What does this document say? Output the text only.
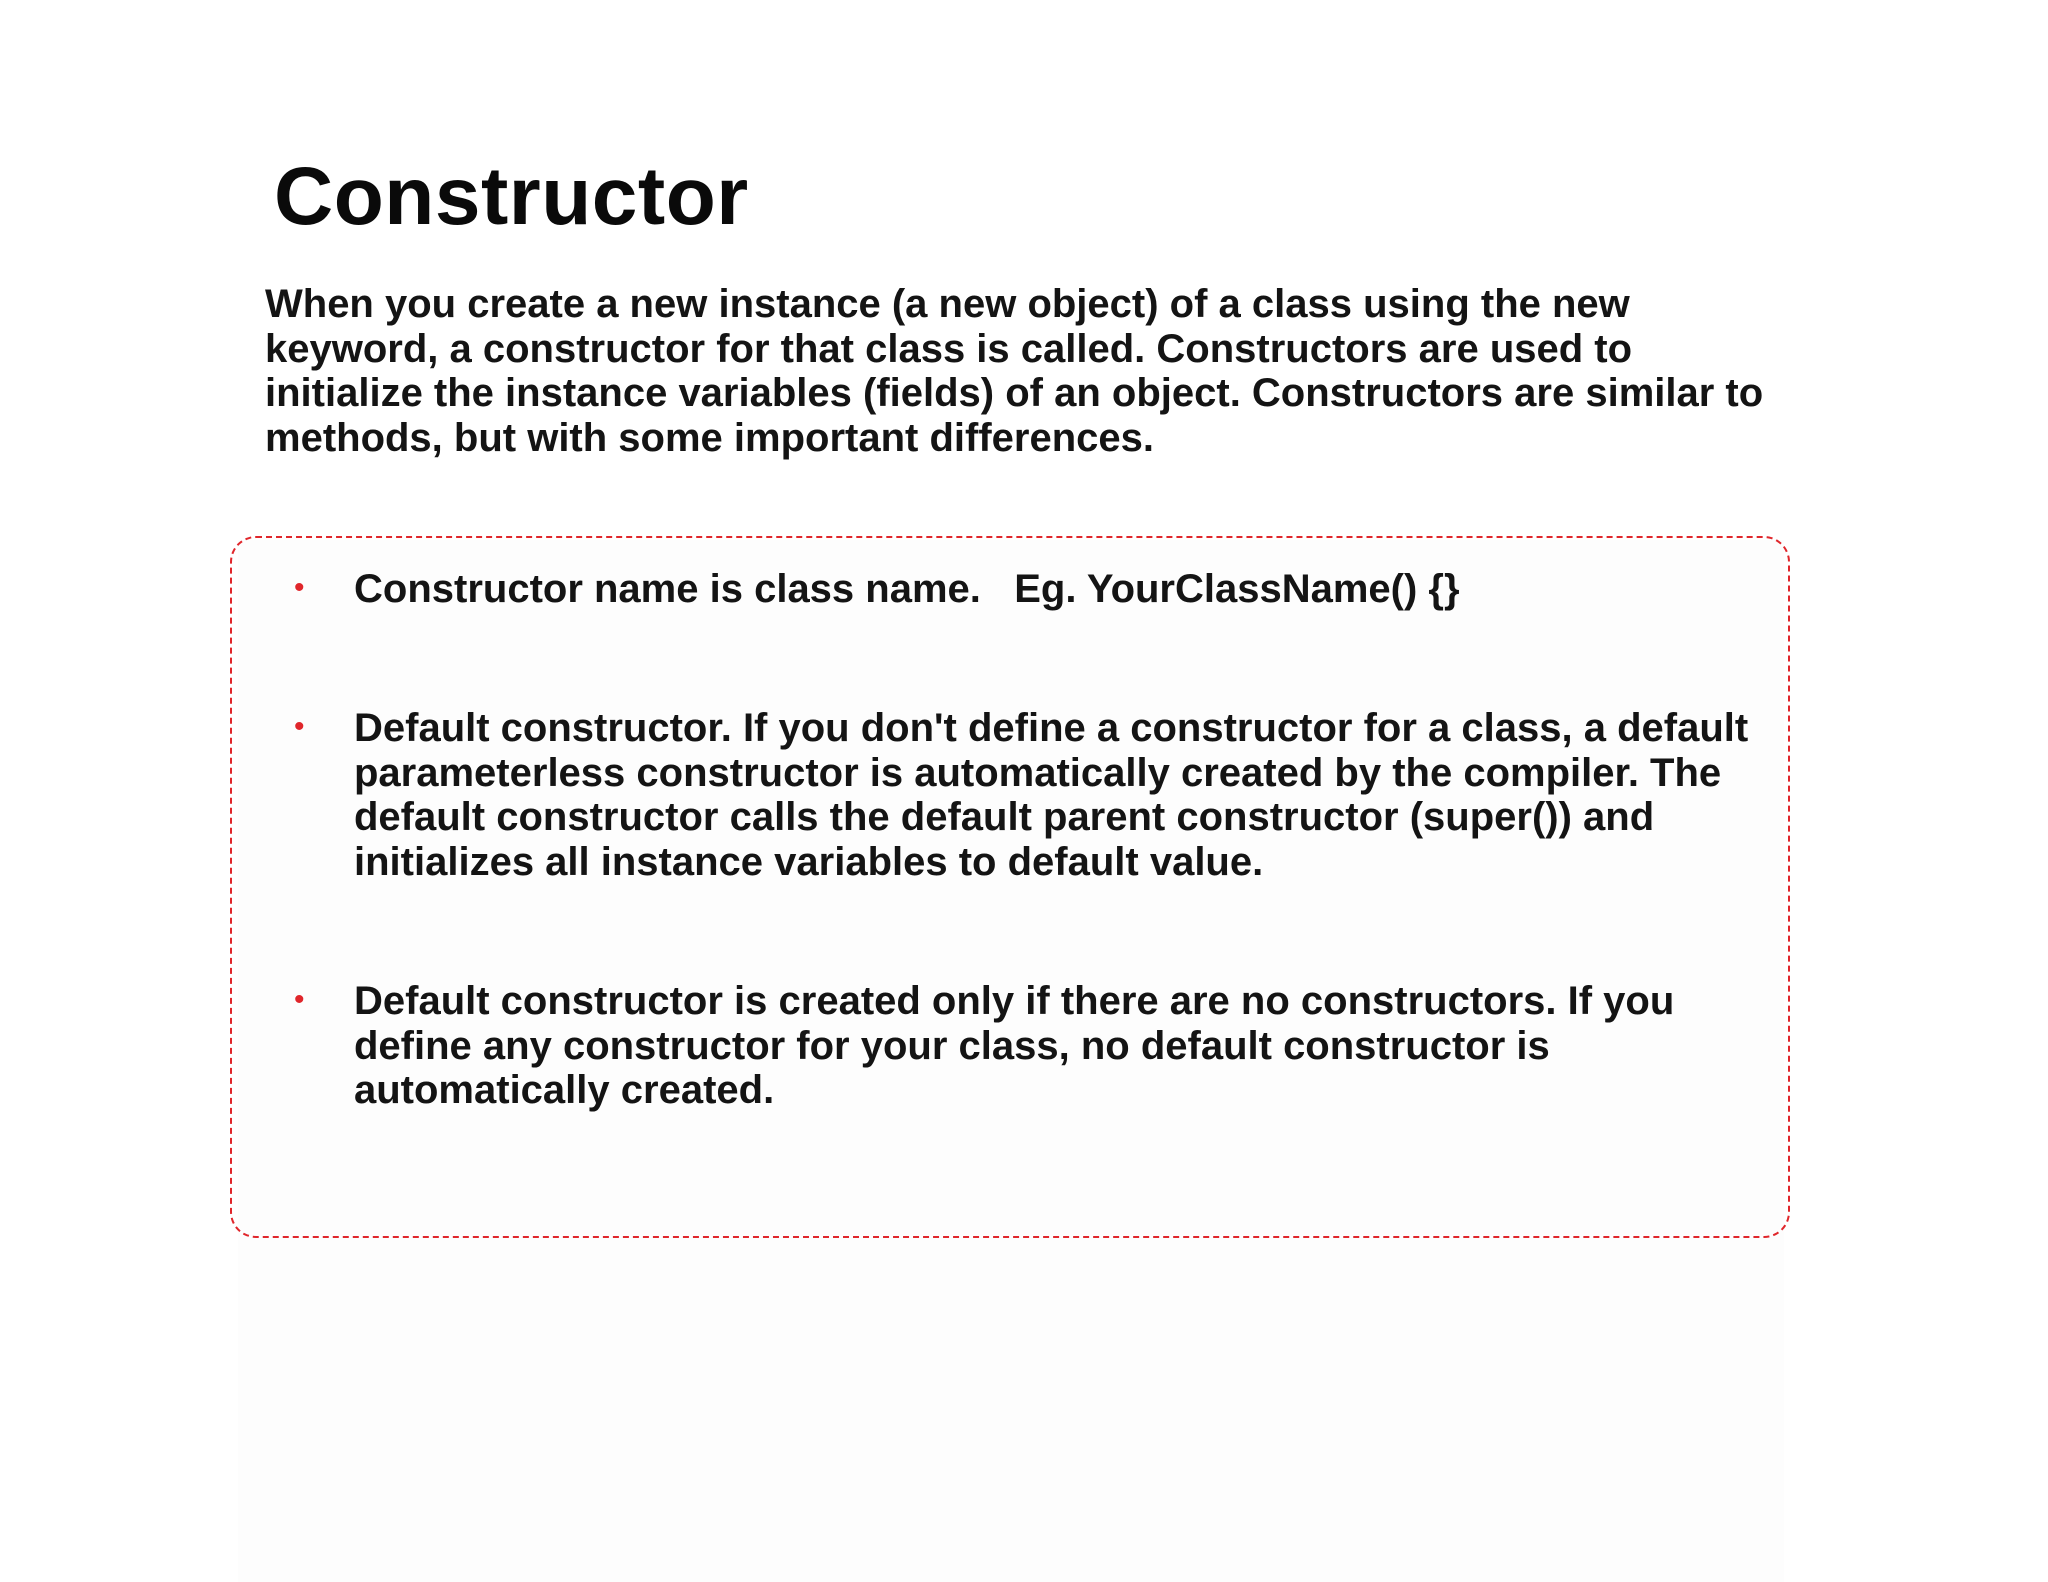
Constructor

When you create a new instance (a new object) of a class using the new keyword, a constructor for that class is called. Constructors are used to initialize the instance variables (fields) of an object. Constructors are similar to methods, but with some important differences.

• Constructor name is class name.   Eg. YourClassName() {}
• Default constructor. If you don't define a constructor for a class, a default parameterless constructor is automatically created by the compiler. The default constructor calls the default parent constructor (super()) and initializes all instance variables to default value.
• Default constructor is created only if there are no constructors. If you define any constructor for your class, no default constructor is automatically created.
